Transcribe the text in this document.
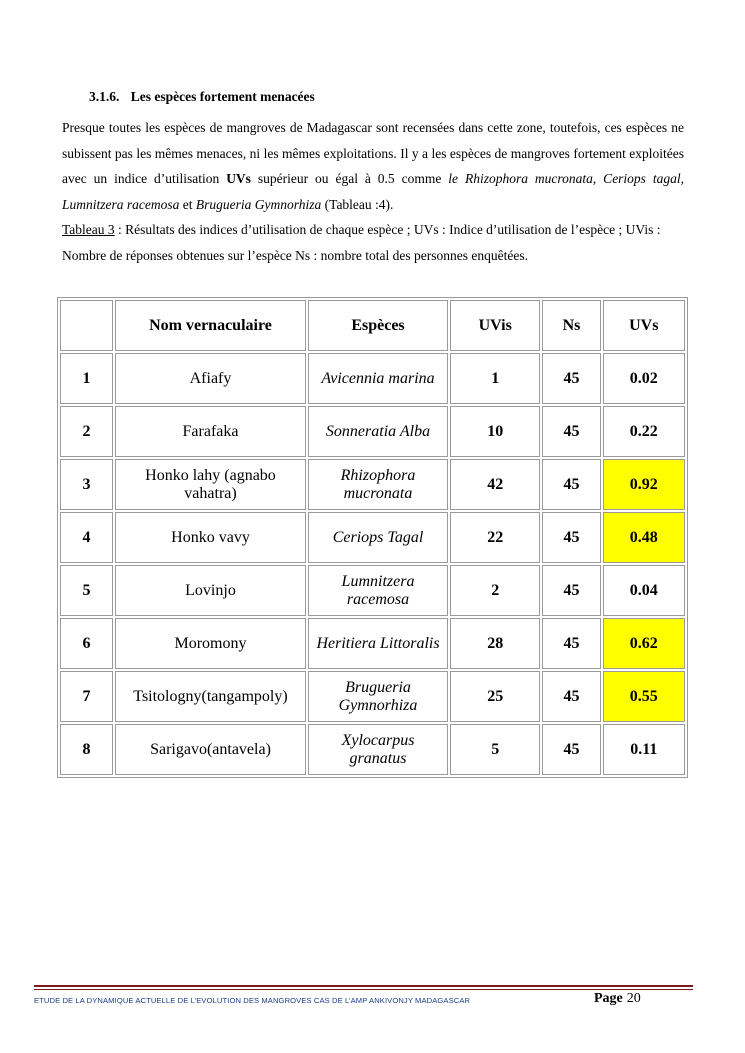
3.1.6. Les espèces fortement menacées

Presque toutes les espèces de mangroves de Madagascar sont recensées dans cette zone, toutefois, ces espèces ne subissent pas les mêmes menaces, ni les mêmes exploitations. Il y a les espèces de mangroves fortement exploitées avec un indice d’utilisation UVs supérieur ou égal à 0.5 comme le Rhizophora mucronata, Ceriops tagal, Lumnitzera racemosa et Brugueria Gymnorhiza (Tableau :4).

Tableau 3 : Résultats des indices d’utilisation de chaque espèce ; UVs : Indice d’utilisation de l’espèce ; UVis : Nombre de réponses obtenues sur l’espèce Ns : nombre total des personnes enquêtées.
	Nom vernaculaire	Espèces	UVis	Ns	UVs
1	Afiafy	Avicennia marina	1	45	0.02
2	Farafaka	Sonneratia Alba	10	45	0.22
3	Honko lahy (agnabo vahatra)	Rhizophora mucronata	42	45	0.92
4	Honko vavy	Ceriops Tagal	22	45	0.48
5	Lovinjo	Lumnitzera racemosa	2	45	0.04
6	Moromony	Heritiera Littoralis	28	45	0.62
7	Tsitologny(tangampoly)	Brugueria Gymnorhiza	25	45	0.55
8	Sarigavo(antavela)	Xylocarpus granatus	5	45	0.11
ETUDE DE LA DYNAMIQUE ACTUELLE DE L’EVOLUTION DES MANGROVES CAS DE L’AMP ANKIVONJY MADAGASCAR	Page 20
